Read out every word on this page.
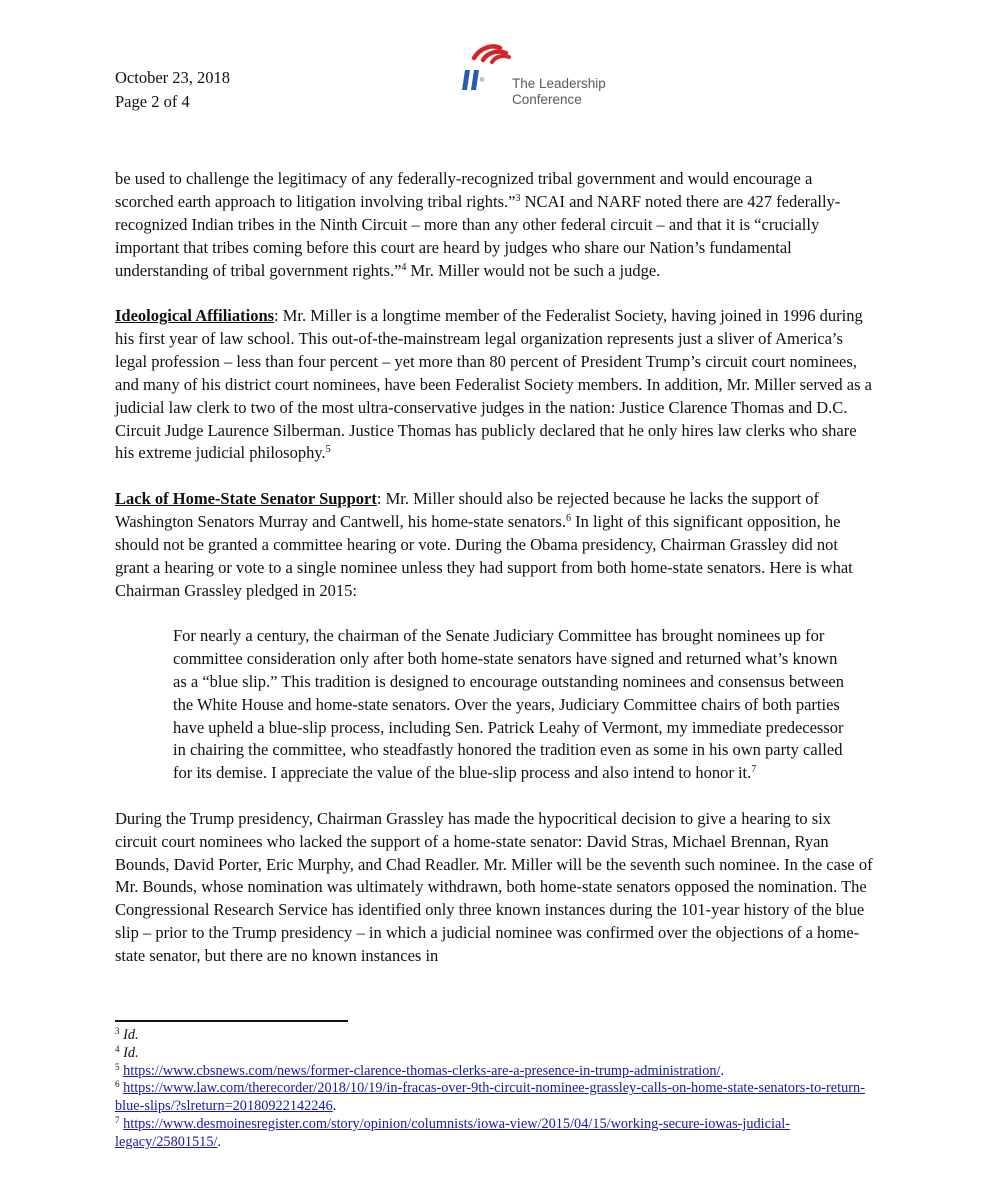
October 23, 2018
Page 2 of 4
® The Leadership
Conference

be used to challenge the legitimacy of any federally-recognized tribal government and would encourage a scorched earth approach to litigation involving tribal rights.”$^3$ NCAI and NARF noted there are 427 federally-recognized Indian tribes in the Ninth Circuit – more than any other federal circuit – and that it is “crucially important that tribes coming before this court are heard by judges who share our Nation’s fundamental understanding of tribal government rights.”$^4$ Mr. Miller would not be such a judge.

Ideological Affiliations: Mr. Miller is a longtime member of the Federalist Society, having joined in 1996 during his first year of law school. This out-of-the-mainstream legal organization represents just a sliver of America’s legal profession – less than four percent – yet more than 80 percent of President Trump’s circuit court nominees, and many of his district court nominees, have been Federalist Society members. In addition, Mr. Miller served as a judicial law clerk to two of the most ultra-conservative judges in the nation: Justice Clarence Thomas and D.C. Circuit Judge Laurence Silberman. Justice Thomas has publicly declared that he only hires law clerks who share his extreme judicial philosophy.$^5$

Lack of Home-State Senator Support: Mr. Miller should also be rejected because he lacks the support of Washington Senators Murray and Cantwell, his home-state senators.$^6$ In light of this significant opposition, he should not be granted a committee hearing or vote. During the Obama presidency, Chairman Grassley did not grant a hearing or vote to a single nominee unless they had support from both home-state senators. Here is what Chairman Grassley pledged in 2015:

For nearly a century, the chairman of the Senate Judiciary Committee has brought nominees up for committee consideration only after both home-state senators have signed and returned what’s known as a “blue slip.” This tradition is designed to encourage outstanding nominees and consensus between the White House and home-state senators. Over the years, Judiciary Committee chairs of both parties have upheld a blue-slip process, including Sen. Patrick Leahy of Vermont, my immediate predecessor in chairing the committee, who steadfastly honored the tradition even as some in his own party called for its demise. I appreciate the value of the blue-slip process and also intend to honor it.$^7$

During the Trump presidency, Chairman Grassley has made the hypocritical decision to give a hearing to six circuit court nominees who lacked the support of a home-state senator: David Stras, Michael Brennan, Ryan Bounds, David Porter, Eric Murphy, and Chad Readler. Mr. Miller will be the seventh such nominee. In the case of Mr. Bounds, whose nomination was ultimately withdrawn, both home-state senators opposed the nomination. The Congressional Research Service has identified only three known instances during the 101-year history of the blue slip – prior to the Trump presidency – in which a judicial nominee was confirmed over the objections of a home-state senator, but there are no known instances in

$^3$ Id.

$^4$ Id.

$^5$ https://www.cbsnews.com/news/former-clarence-thomas-clerks-are-a-presence-in-trump-administration/.

$^6$ https://www.law.com/therecorder/2018/10/19/in-fracas-over-9th-circuit-nominee-grassley-calls-on-home-state-senators-to-return-blue-slips/?slreturn=20180922142246.

$^7$ https://www.desmoinesregister.com/story/opinion/columnists/iowa-view/2015/04/15/working-secure-iowas-judicial-legacy/25801515/.
